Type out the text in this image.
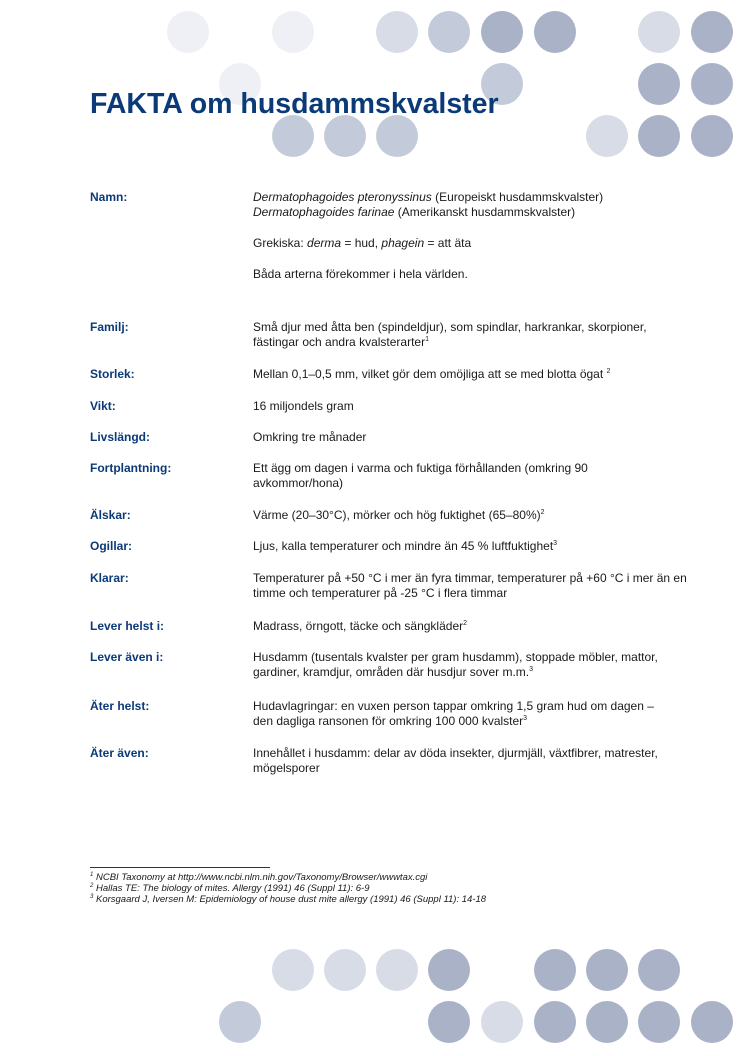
FAKTA om husdammskvalster
Namn:	Dermatophagoides pteronyssinus (Europeiskt husdammskvalster)

Dermatophagoides farinae (Amerikanskt husdammskvalster)

Grekiska: derma = hud, phagein = att äta

Båda arterna förekommer i hela världen.

Familj:	Små djur med åtta ben (spindeldjur), som spindlar, harkrankar, skorpioner, fästingar och andra kvalsterarter$^1$
Storlek:	Mellan 0,1–0,5 mm, vilket gör dem omöjliga att se med blotta ögat $^2$
Vikt:	16 miljondels gram
Livslängd:	Omkring tre månader
Fortplantning:	Ett ägg om dagen i varma och fuktiga förhållanden (omkring 90 avkommor/hona)
Älskar:	Värme (20–30°C), mörker och hög fuktighet $(65-80\%)^2$
Ogillar:	Ljus, kalla temperaturer och mindre än 45 % luftfuktighet$^3$
Klarar:	Temperaturer på +50 °C i mer än fyra timmar, temperaturer på +60 °C i mer än en timme och temperaturer på -25 °C i flera timmar
Lever helst i:	Madrass, örngott, täcke och sängkläder$^2$
Lever även i:	Husdamm (tusentals kvalster per gram husdamm), stoppade möbler, mattor, gardiner, kramdjur, områden där husdjur sover m.m.$^3$
Äter helst:	Hudavlagringar: en vuxen person tappar omkring 1,5 gram hud om dagen – den dagliga ransonen för omkring 100 000 kvalster$^3$
Äter även:	Innehållet i husdamm: delar av döda insekter, djurmjäll, växtfibrer, matrester, mögelsporer
$^1$ NCBI Taxonomy at http://www.ncbi.nlm.nih.gov/Taxonomy/Browser/wwwtax.cgi
$^2$ Hallas TE: The biology of mites. Allergy (1991) 46 (Suppl 11): 6-9
$^3$ Korsgaard J, Iversen M: Epidemiology of house dust mite allergy (1991) 46 (Suppl 11): 14-18
